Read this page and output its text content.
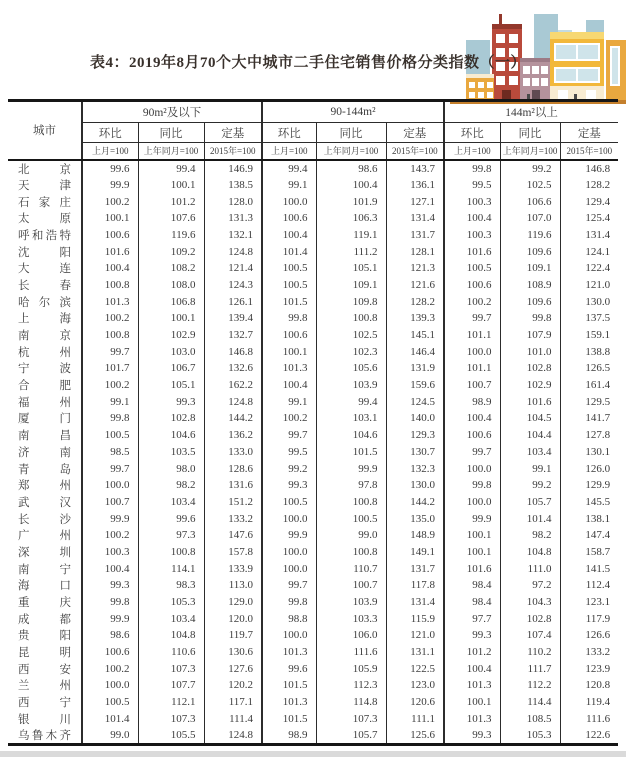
表4：2019年8月70个大中城市二手住宅销售价格分类指数（一）
城市	90m²及以下			90-144m²			144m²以上		
	环比	同比	定基	环比	同比	定基	环比	同比	定基
	上月=100	上年同月=100	2015年=100	上月=100	上年同月=100	2015年=100	上月=100	上年同月=100	2015年=100
北京	99.6	99.4	146.9	99.4	98.6	143.7	99.8	99.2	146.8
天津	99.9	100.1	138.5	99.1	100.4	136.1	99.5	102.5	128.2
石家庄	100.2	101.2	128.0	100.0	101.9	127.1	100.3	106.6	129.4
太原	100.1	107.6	131.3	100.6	106.3	131.4	100.4	107.0	125.4
呼和浩特	100.6	119.6	132.1	100.4	119.1	131.7	100.3	119.6	131.4
沈阳	101.6	109.2	124.8	101.4	111.2	128.1	101.6	109.6	124.1
大连	100.4	108.2	121.4	100.5	105.1	121.3	100.5	109.1	122.4
长春	100.8	108.0	124.3	100.5	109.1	121.6	100.6	108.9	121.0
哈尔滨	101.3	106.8	126.1	101.5	109.8	128.2	100.2	109.6	130.0
上海	100.2	100.1	139.4	99.8	100.8	139.3	99.7	99.8	137.5
南京	100.8	102.9	132.7	100.6	102.5	145.1	101.1	107.9	159.1
杭州	99.7	103.0	146.8	100.1	102.3	146.4	100.0	101.0	138.8
宁波	101.7	106.7	132.6	101.3	105.6	131.9	101.1	102.8	126.5
合肥	100.2	105.1	162.2	100.4	103.9	159.6	100.7	102.9	161.4
福州	99.1	99.3	124.8	99.1	99.4	124.5	98.9	101.6	129.5
厦门	99.8	102.8	144.2	100.2	103.1	140.0	100.4	104.5	141.7
南昌	100.5	104.6	136.2	99.7	104.6	129.3	100.6	104.4	127.8
济南	98.5	103.5	133.0	99.5	101.5	130.7	99.7	103.4	130.1
青岛	99.7	98.0	128.6	99.2	99.9	132.3	100.0	99.1	126.0
郑州	100.0	98.2	131.6	99.3	97.8	130.0	99.8	99.2	129.9
武汉	100.7	103.4	151.2	100.5	100.8	144.2	100.0	105.7	145.5
长沙	99.9	99.6	133.2	100.0	100.5	135.0	99.9	101.4	138.1
广州	100.2	97.3	147.6	99.9	99.0	148.9	100.1	98.2	147.4
深圳	100.3	100.8	157.8	100.0	100.8	149.1	100.1	104.8	158.7
南宁	100.4	114.1	133.9	100.0	110.7	131.7	101.6	111.0	141.5
海口	99.3	98.3	113.0	99.7	100.7	117.8	98.4	97.2	112.4
重庆	99.8	105.3	129.0	99.8	103.9	131.4	98.4	104.3	123.1
成都	99.9	103.4	120.0	98.8	103.3	115.9	97.7	102.8	117.9
贵阳	98.6	104.8	119.7	100.0	106.0	121.0	99.3	107.4	126.6
昆明	100.6	110.6	130.6	101.3	111.6	131.1	101.2	110.2	133.2
西安	100.2	107.3	127.6	99.6	105.9	122.5	100.4	111.7	123.9
兰州	100.0	107.7	120.2	101.5	112.3	123.0	101.3	112.2	120.8
西宁	100.5	112.1	117.1	101.3	114.8	120.6	100.1	114.4	119.4
银川	101.4	107.3	111.4	101.5	107.3	111.1	101.3	108.5	111.6
乌鲁木齐	99.0	105.5	124.8	98.9	105.7	125.6	99.3	105.3	122.6
